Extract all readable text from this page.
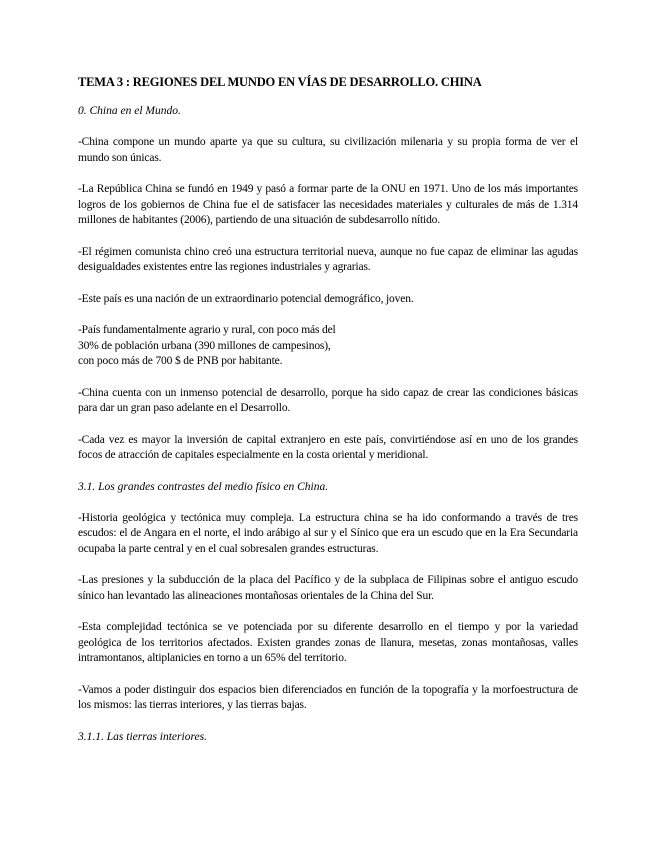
TEMA 3 : REGIONES DEL MUNDO EN VÍAS DE DESARROLLO. CHINA
0. China en el Mundo.

-China compone un mundo aparte ya que su cultura, su civilización milenaria y su propia forma de ver el mundo son únicas.

-La República China se fundó en 1949 y pasó a formar parte de la ONU en 1971. Uno de los más importantes logros de los gobiernos de China fue el de satisfacer las necesidades materiales y culturales de más de 1.314 millones de habitantes (2006), partiendo de una situación de subdesarrollo nítido.

-El régimen comunista chino creó una estructura territorial nueva, aunque no fue capaz de eliminar las agudas desigualdades existentes entre las regiones industriales y agrarias.

-Este país es una nación de un extraordinario potencial demográfico, joven.

-País fundamentalmente agrario y rural, con poco más del
30% de población urbana (390 millones de campesinos),
con poco más de 700 $ de PNB por habitante.

-China cuenta con un inmenso potencial de desarrollo, porque ha sido capaz de crear las condiciones básicas para dar un gran paso adelante en el Desarrollo.

-Cada vez es mayor la inversión de capital extranjero en este país, convirtiéndose así en uno de los grandes focos de atracción de capitales especialmente en la costa oriental y meridional.

3.1. Los grandes contrastes del medio físico en China.

-Historia geológica y tectónica muy compleja. La estructura china se ha ido conformando a través de tres escudos: el de Angara en el norte, el indo arábigo al sur y el Sínico que era un escudo que en la Era Secundaria ocupaba la parte central y en el cual sobresalen grandes estructuras.

-Las presiones y la subducción de la placa del Pacífico y de la subplaca de Filipinas sobre el antiguo escudo sínico han levantado las alineaciones montañosas orientales de la China del Sur.

-Esta complejidad tectónica se ve potenciada por su diferente desarrollo en el tiempo y por la variedad geológica de los territorios afectados. Existen grandes zonas de llanura, mesetas, zonas montañosas, valles intramontanos, altiplanicies en torno a un 65% del territorio.

-Vamos a poder distinguir dos espacios bien diferenciados en función de la topografía y la morfoestructura de los mismos: las tierras interiores, y las tierras bajas.

3.1.1. Las tierras interiores.
